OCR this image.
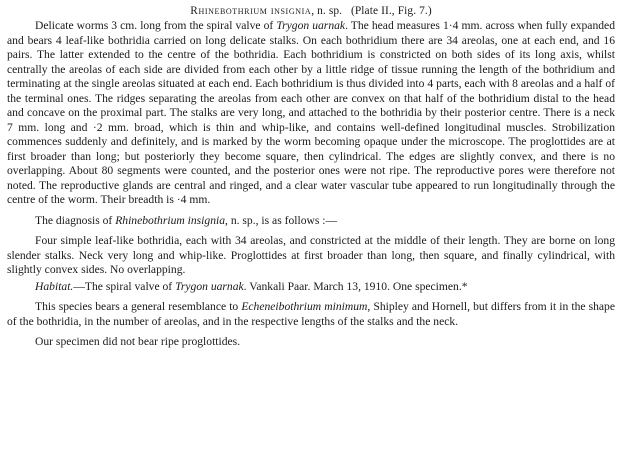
Rhinebothrium insignia, n. sp. (Plate II., Fig. 7.)

Delicate worms 3 cm. long from the spiral valve of Trygon uarnak. The head measures 1·4 mm. across when fully expanded and bears 4 leaf-like bothridia carried on long delicate stalks. On each bothridium there are 34 areolas, one at each end, and 16 pairs. The latter extended to the centre of the bothridia. Each bothridium is constricted on both sides of its long axis, whilst centrally the areolas of each side are divided from each other by a little ridge of tissue running the length of the bothridium and terminating at the single areolas situated at each end. Each bothridium is thus divided into 4 parts, each with 8 areolas and a half of the terminal ones. The ridges separating the areolas from each other are convex on that half of the bothridium distal to the head and concave on the proximal part. The stalks are very long, and attached to the bothridia by their posterior centre. There is a neck 7 mm. long and ·2 mm. broad, which is thin and whip-like, and contains well-defined longitudinal muscles. Strobilization commences suddenly and definitely, and is marked by the worm becoming opaque under the microscope. The proglottides are at first broader than long; but posteriorly they become square, then cylindrical. The edges are slightly convex, and there is no overlapping. About 80 segments were counted, and the posterior ones were not ripe. The reproductive pores were therefore not noted. The reproductive glands are central and ringed, and a clear water vascular tube appeared to run longitudinally through the centre of the worm. Their breadth is ·4 mm.

The diagnosis of Rhinebothrium insignia, n. sp., is as follows :—

Four simple leaf-like bothridia, each with 34 areolas, and constricted at the middle of their length. They are borne on long slender stalks. Neck very long and whip-like. Proglottides at first broader than long, then square, and finally cylindrical, with slightly convex sides. No overlapping.

Habitat.—The spiral valve of Trygon uarnak. Vankali Paar. March 13, 1910. One specimen.*

This species bears a general resemblance to Echeneibothrium minimum, Shipley and Hornell, but differs from it in the shape of the bothridia, in the number of areolas, and in the respective lengths of the stalks and the neck.

Our specimen did not bear ripe proglottides.
